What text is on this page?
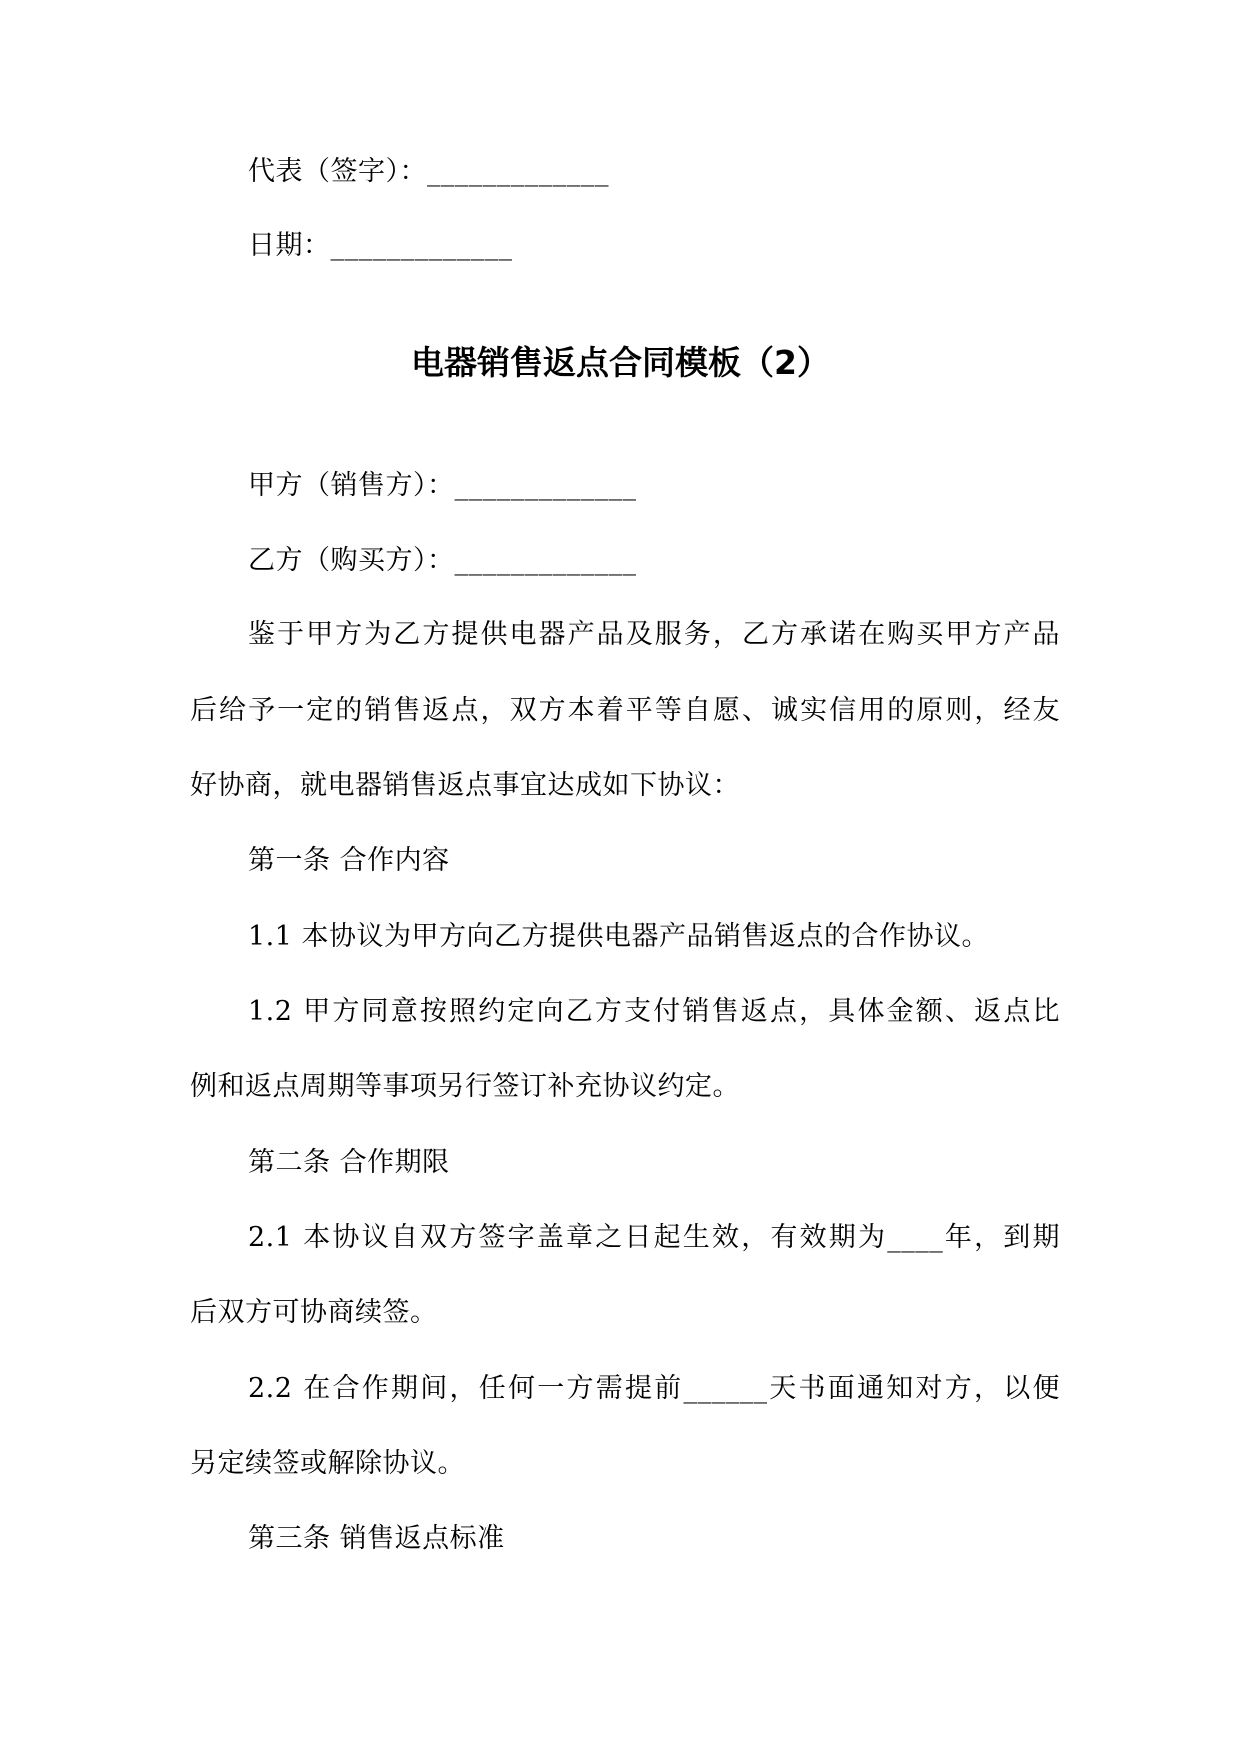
代表（签字）：_____________
日期：_____________
电器销售返点合同模板（2）
甲方（销售方）：_____________
乙方（购买方）：_____________
鉴于甲方为乙方提供电器产品及服务，乙方承诺在购买甲方产品
后给予一定的销售返点，双方本着平等自愿、诚实信用的原则，经友
好协商，就电器销售返点事宜达成如下协议：
第一条 合作内容
1.1 本协议为甲方向乙方提供电器产品销售返点的合作协议。
1.2 甲方同意按照约定向乙方支付销售返点，具体金额、返点比
例和返点周期等事项另行签订补充协议约定。
第二条 合作期限
2.1 本协议自双方签字盖章之日起生效，有效期为____年，到期
后双方可协商续签。
2.2 在合作期间，任何一方需提前______天书面通知对方，以便
另定续签或解除协议。
第三条 销售返点标准
